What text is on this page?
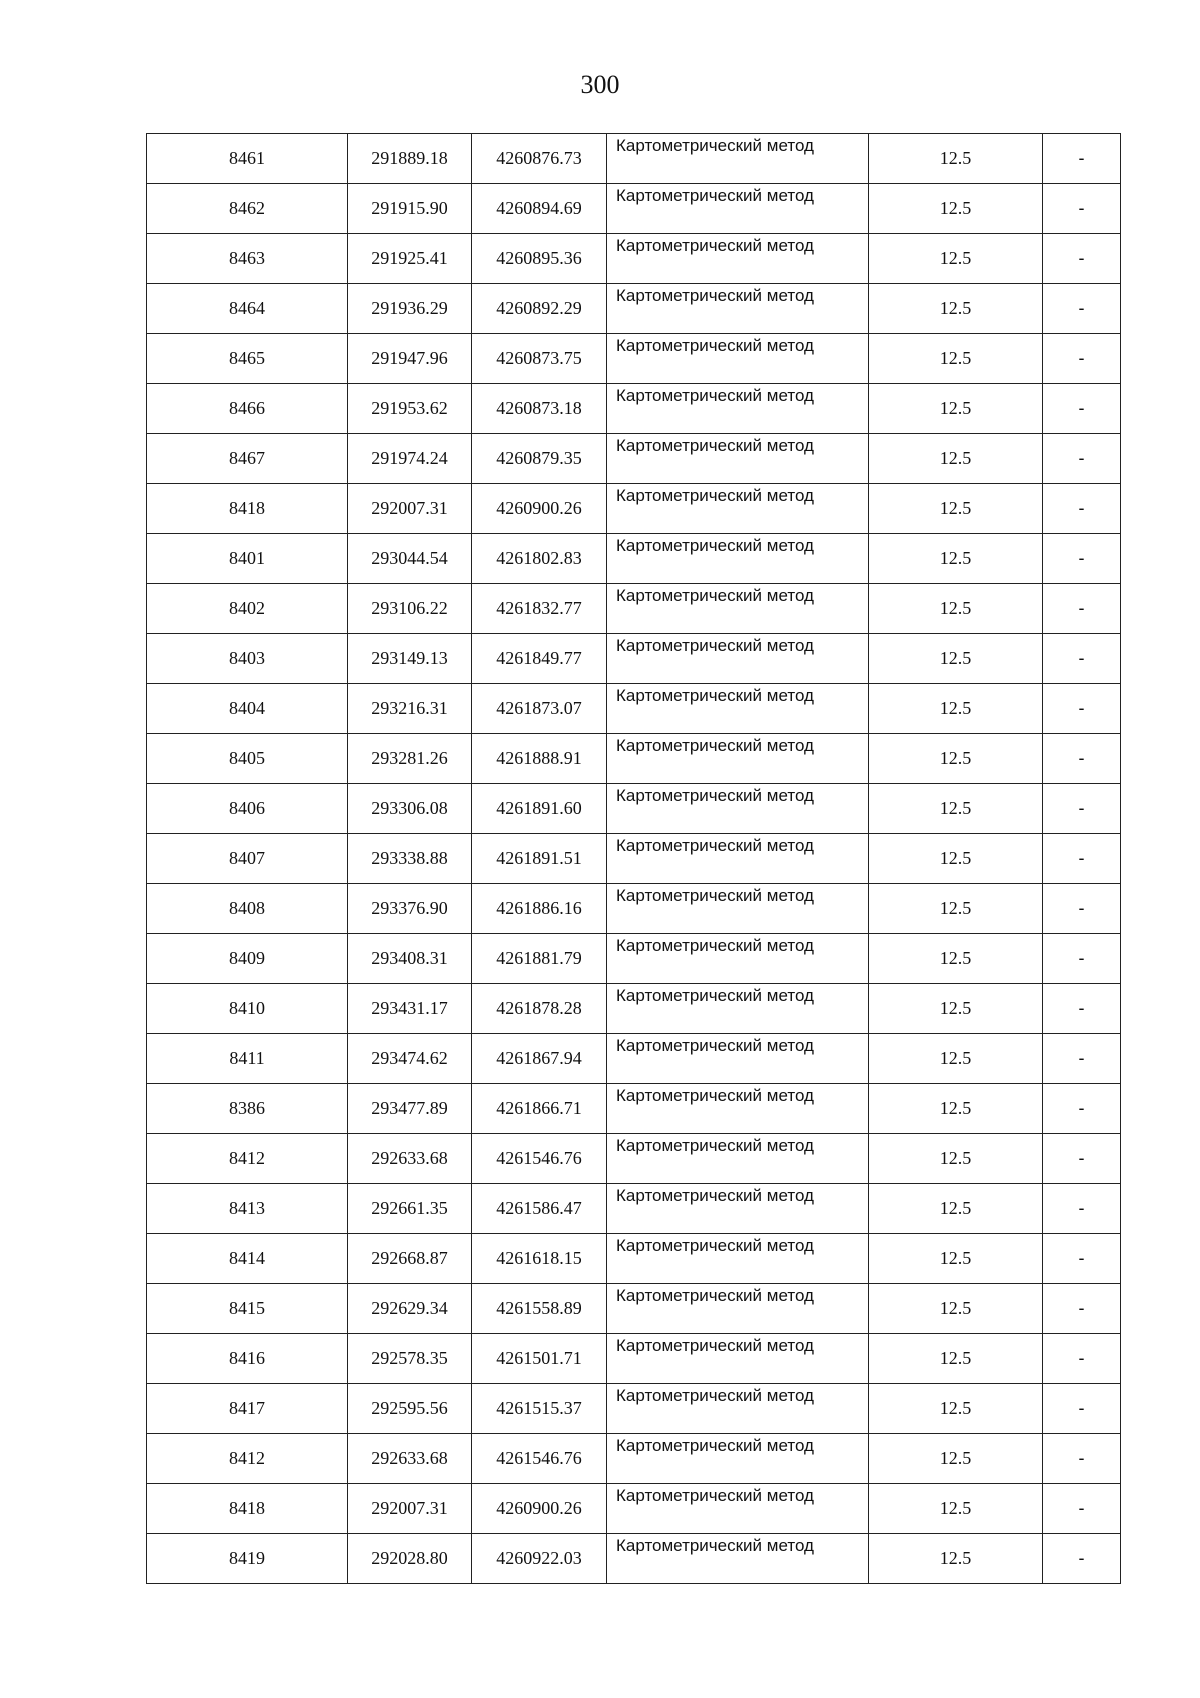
300
8461	291889.18	4260876.73	Картометрический метод	12.5	-
8462	291915.90	4260894.69	Картометрический метод	12.5	-
8463	291925.41	4260895.36	Картометрический метод	12.5	-
8464	291936.29	4260892.29	Картометрический метод	12.5	-
8465	291947.96	4260873.75	Картометрический метод	12.5	-
8466	291953.62	4260873.18	Картометрический метод	12.5	-
8467	291974.24	4260879.35	Картометрический метод	12.5	-
8418	292007.31	4260900.26	Картометрический метод	12.5	-
8401	293044.54	4261802.83	Картометрический метод	12.5	-
8402	293106.22	4261832.77	Картометрический метод	12.5	-
8403	293149.13	4261849.77	Картометрический метод	12.5	-
8404	293216.31	4261873.07	Картометрический метод	12.5	-
8405	293281.26	4261888.91	Картометрический метод	12.5	-
8406	293306.08	4261891.60	Картометрический метод	12.5	-
8407	293338.88	4261891.51	Картометрический метод	12.5	-
8408	293376.90	4261886.16	Картометрический метод	12.5	-
8409	293408.31	4261881.79	Картометрический метод	12.5	-
8410	293431.17	4261878.28	Картометрический метод	12.5	-
8411	293474.62	4261867.94	Картометрический метод	12.5	-
8386	293477.89	4261866.71	Картометрический метод	12.5	-
8412	292633.68	4261546.76	Картометрический метод	12.5	-
8413	292661.35	4261586.47	Картометрический метод	12.5	-
8414	292668.87	4261618.15	Картометрический метод	12.5	-
8415	292629.34	4261558.89	Картометрический метод	12.5	-
8416	292578.35	4261501.71	Картометрический метод	12.5	-
8417	292595.56	4261515.37	Картометрический метод	12.5	-
8412	292633.68	4261546.76	Картометрический метод	12.5	-
8418	292007.31	4260900.26	Картометрический метод	12.5	-
8419	292028.80	4260922.03	Картометрический метод	12.5	-
